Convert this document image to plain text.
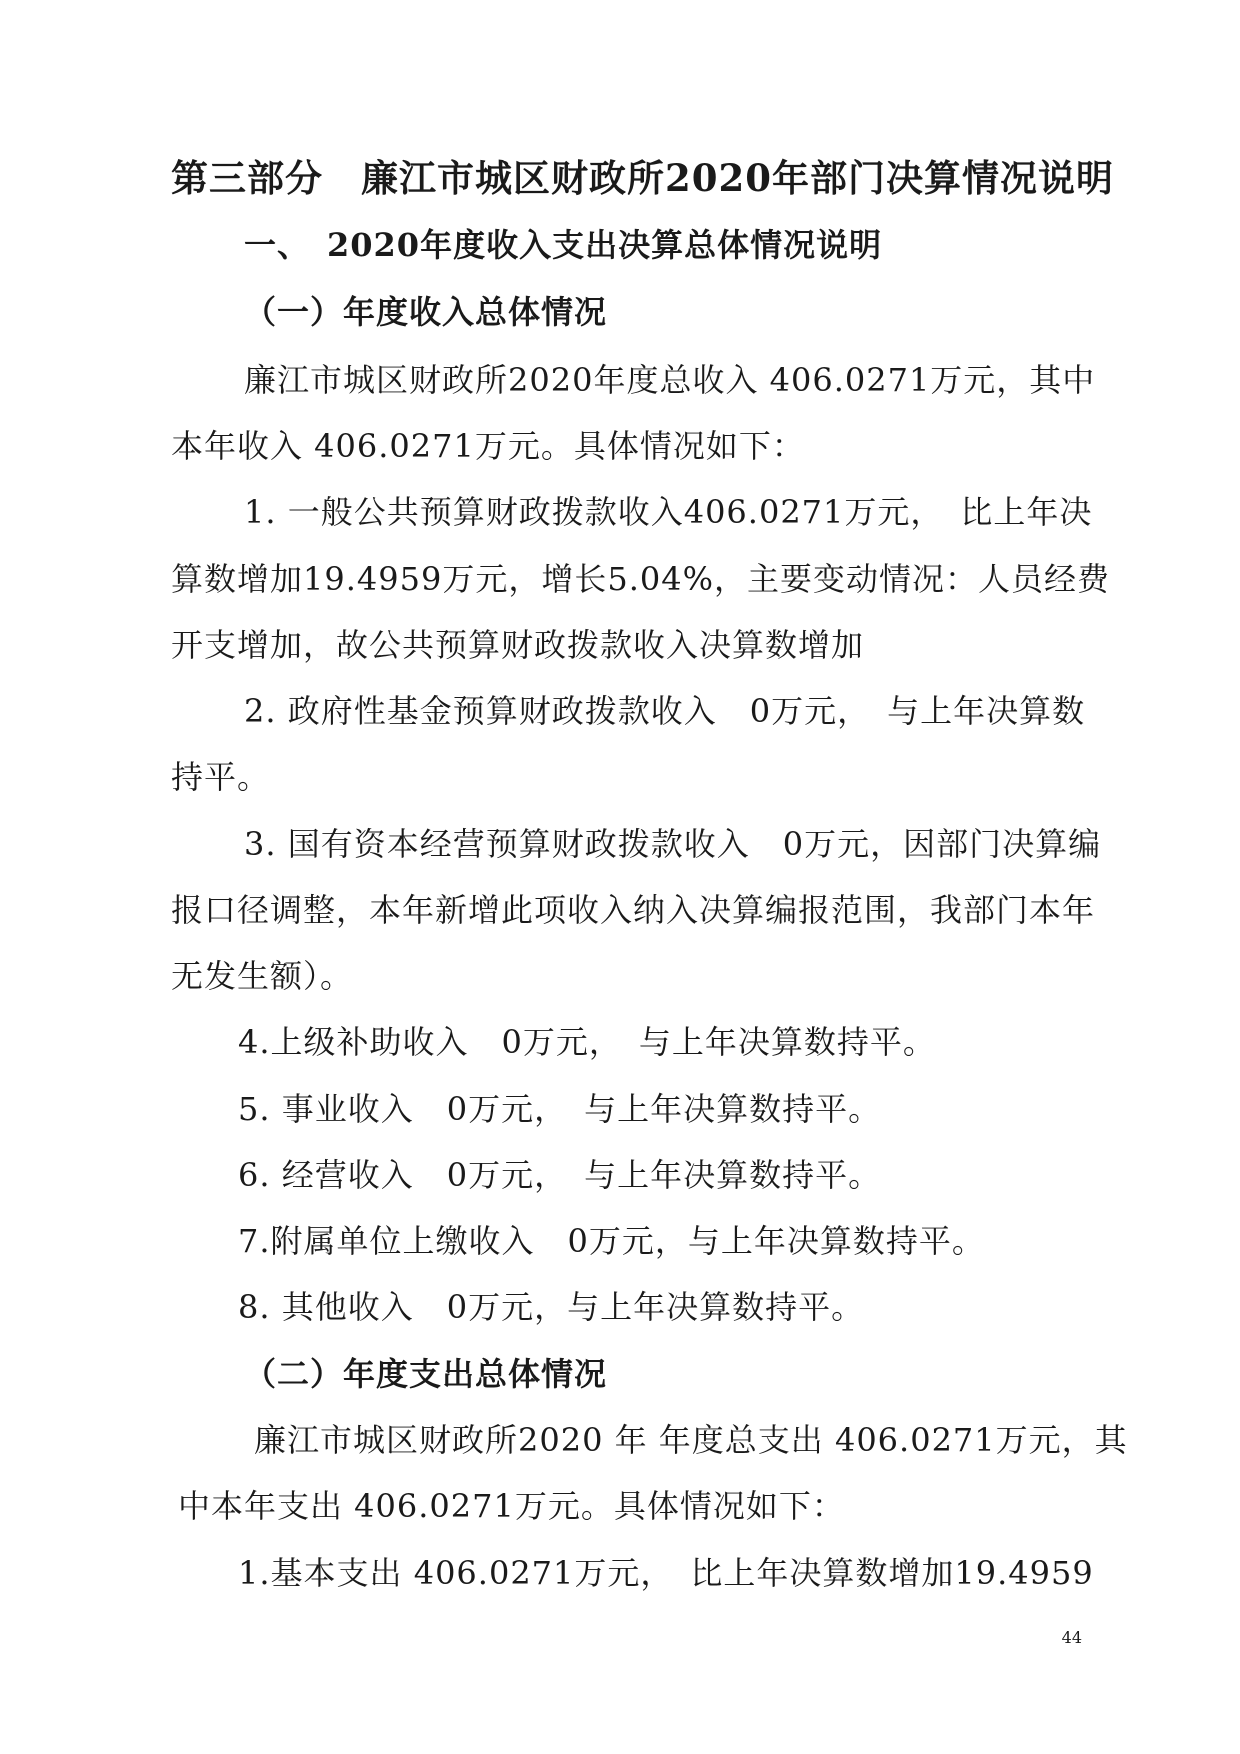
第三部分　廉江市城区财政所2020年部门决算情况说明
一、　2020年度收入支出决算总体情况说明
（一）年度收入总体情况
廉江市城区财政所2020年度总收入 406.0271万元，其中
本年收入 406.0271万元。具体情况如下：
1. 一般公共预算财政拨款收入406.0271万元，　比上年决
算数增加19.4959万元，增长5.04%，主要变动情况：人员经费
开支增加，故公共预算财政拨款收入决算数增加
2. 政府性基金预算财政拨款收入　0万元，　与上年决算数
持平。
3. 国有资本经营预算财政拨款收入　0万元，因部门决算编
报口径调整，本年新增此项收入纳入决算编报范围，我部门本年
无发生额）。
4.上级补助收入　0万元，　与上年决算数持平。
5. 事业收入　0万元，　与上年决算数持平。
6. 经营收入　0万元，　与上年决算数持平。
7.附属单位上缴收入　0万元，与上年决算数持平。
8. 其他收入　0万元，与上年决算数持平。
（二）年度支出总体情况
廉江市城区财政所2020 年 年度总支出 406.0271万元，其
中本年支出 406.0271万元。具体情况如下：
1.基本支出 406.0271万元，　比上年决算数增加19.4959
44
